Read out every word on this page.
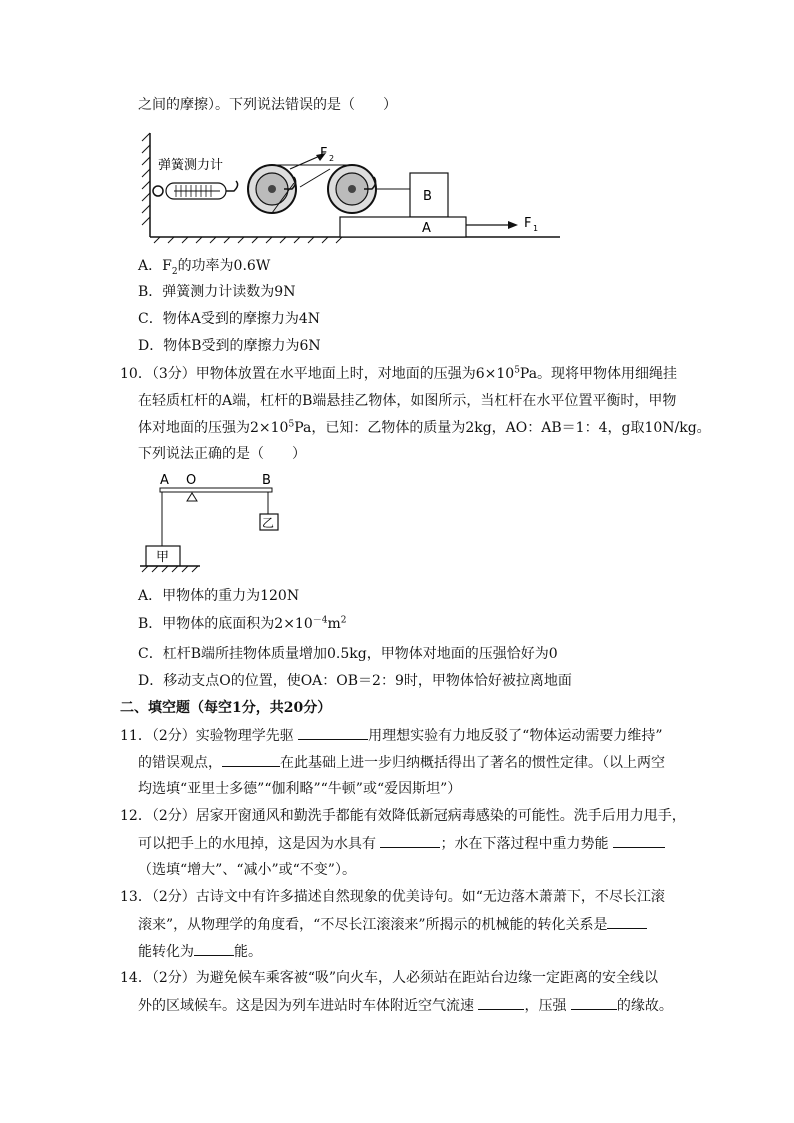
之间的摩擦）。下列说法错误的是（　　）
弹簧测力计
F 2
B
A	F 1
A．$F_2$的功率为0.6W
B．弹簧测力计读数为9N
C．物体A受到的摩擦力为4N
D．物体B受到的摩擦力为6N
10．（3分）甲物体放置在水平地面上时，对地面的压强为$6\times 10^5Pa$。现将甲物体用细绳挂
在轻质杠杆的A端，杠杆的B端悬挂乙物体，如图所示，当杠杆在水平位置平衡时，甲物
体对地面的压强为$2\times 10^5Pa$，已知：乙物体的质量为2kg，AO：AB＝1：4，g取10N/kg。
下列说法正确的是（　　）
A O	B
乙
甲
A．甲物体的重力为120N
B．甲物体的底面积为$2\times 10^{-4}m^2$
C．杠杆B端所挂物体质量增加0.5kg，甲物体对地面的压强恰好为0
D．移动支点O的位置，使OA：OB＝2：9时，甲物体恰好被拉离地面
二、填空题（每空1分，共20分）
11．（2分）实验物理学先驱	用理想实验有力地反驳了“物体运动需要力维持”
的错误观点，	在此基础上进一步归纳概括得出了著名的惯性定律。（以上两空
均选填“亚里士多德”“伽利略”“牛顿”或“爱因斯坦”）
12．（2分）居家开窗通风和勤洗手都能有效降低新冠病毒感染的可能性。洗手后用力甩手，
可以把手上的水甩掉，这是因为水具有	；水在下落过程中重力势能
（选填“增大”、“减小”或“不变”）。
13．（2分）古诗文中有许多描述自然现象的优美诗句。如“无边落木萧萧下，不尽长江滚
滚来”，从物理学的角度看，“不尽长江滚滚来”所揭示的机械能的转化关系是
能转化为	能。
14．（2分）为避免候车乘客被“吸”向火车，人必须站在距站台边缘一定距离的安全线以
外的区域候车。这是因为列车进站时车体附近空气流速	，压强	的缘故。
